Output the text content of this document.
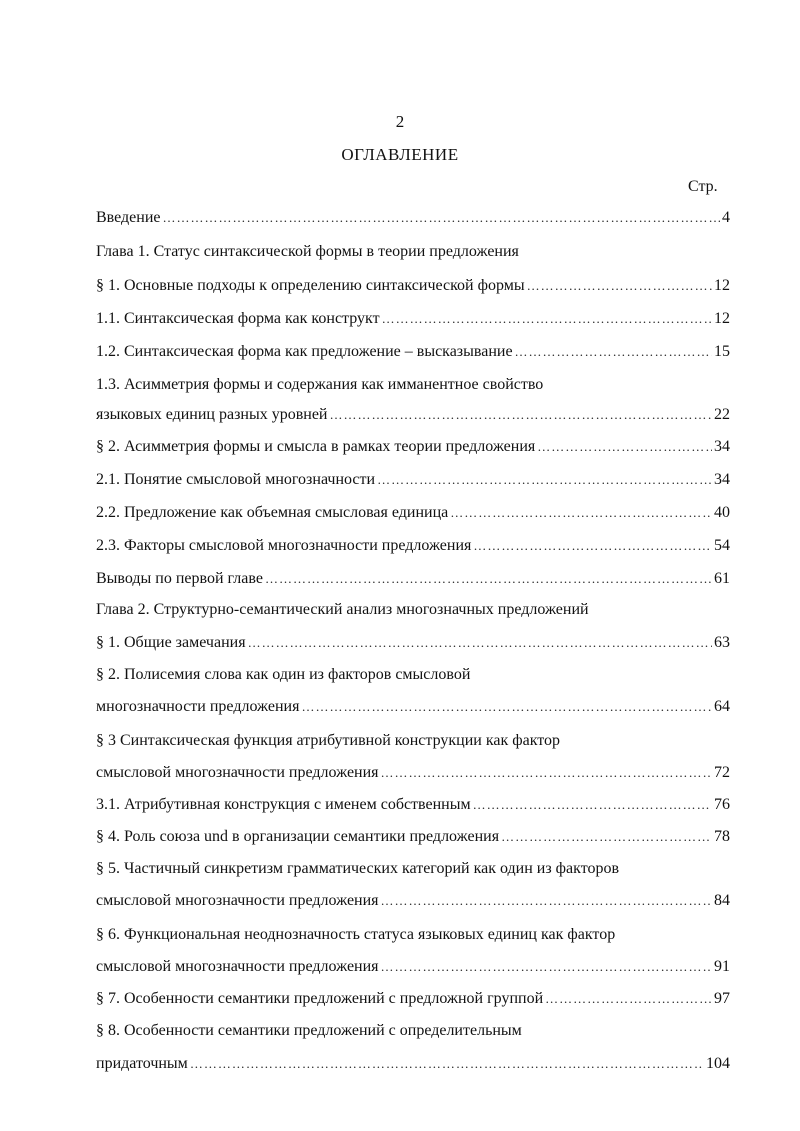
2
ОГЛАВЛЕНИЕ
Стр.
Введение ……………………………………………………………………………………………………………………………………………………	4
Глава 1. Статус синтаксической формы в теории предложения
§ 1. Основные подходы к определению синтаксической формы ……………………………………………………………………………………………………………………………………………………	12
1.1. Синтаксическая форма как конструкт ……………………………………………………………………………………………………………………………………………………	12
1.2. Синтаксическая форма как предложение – высказывание ……………………………………………………………………………………………………………………………………………………	15
1.3. Асимметрия формы и содержания как имманентное свойство
языковых единиц разных уровней ……………………………………………………………………………………………………………………………………………………	22
§ 2. Асимметрия формы и смысла в рамках теории предложения ……………………………………………………………………………………………………………………………………………………	34
2.1. Понятие смысловой многозначности ……………………………………………………………………………………………………………………………………………………	34
2.2. Предложение как объемная смысловая единица ……………………………………………………………………………………………………………………………………………………	40
2.3. Факторы смысловой многозначности предложения ……………………………………………………………………………………………………………………………………………………	54
Выводы по первой главе ……………………………………………………………………………………………………………………………………………………	61
Глава 2. Структурно-семантический анализ многозначных предложений
§ 1. Общие замечания ……………………………………………………………………………………………………………………………………………………	63
§ 2. Полисемия слова как один из факторов смысловой
многозначности предложения ……………………………………………………………………………………………………………………………………………………	64
§ 3 Синтаксическая функция атрибутивной конструкции как фактор
смысловой многозначности предложения ……………………………………………………………………………………………………………………………………………………	72
3.1. Атрибутивная конструкция с именем собственным ……………………………………………………………………………………………………………………………………………………	76
§ 4. Роль союза und в организации семантики предложения ……………………………………………………………………………………………………………………………………………………	78
§ 5. Частичный синкретизм грамматических категорий как один из факторов
смысловой многозначности предложения ……………………………………………………………………………………………………………………………………………………	84
§ 6. Функциональная неоднозначность статуса языковых единиц как фактор
смысловой многозначности предложения ……………………………………………………………………………………………………………………………………………………	91
§ 7. Особенности семантики предложений с предложной группой ……………………………………………………………………………………………………………………………………………………	97
§ 8. Особенности семантики предложений с определительным
придаточным ……………………………………………………………………………………………………………………………………………………	104
